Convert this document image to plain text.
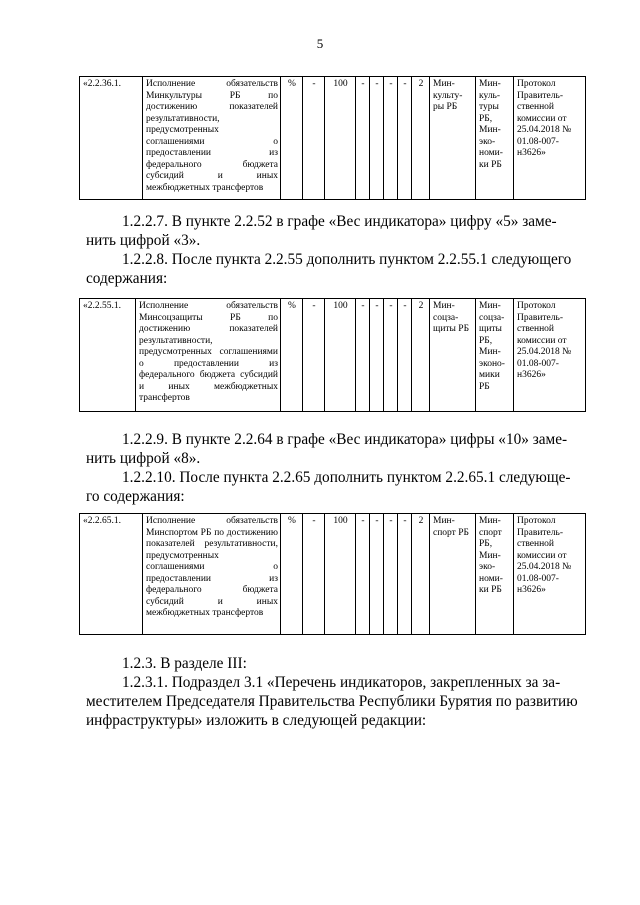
5
«2.2.36.1.	Исполнение обязательств Минкультуры РБ по достижению показателей результативности, предусмотренных соглашениями о предоставлении из федерального бюджета субсидий и иных межбюджетных трансфертов	%	-	100	-	-	-	-	2	Мин-культу-ры РБ	Мин-куль-туры РБ, Мин-эко-номи-ки РБ	Протокол Правитель-ственной комиссии от 25.04.2018 № 01.08-007-н3626»
1.2.2.7. В пункте 2.2.52 в графе «Вес индикатора» цифру «5» заме-
нить цифрой «3».
1.2.2.8. После пункта 2.2.55 дополнить пунктом 2.2.55.1 следующего
содержания:
«2.2.55.1.	Исполнение обязательств Минсоцзащиты РБ по достижению показателей результативности, предусмотренных соглашениями о предоставлении из федерального бюджета субсидий и иных межбюджетных трансфертов	%	-	100	-	-	-	-	2	Мин-соцза-щиты РБ	Мин-соцза-щиты РБ, Мин-эконо-мики РБ	Протокол Правитель-ственной комиссии от 25.04.2018 № 01.08-007-н3626»
1.2.2.9. В пункте 2.2.64 в графе «Вес индикатора» цифры «10» заме-
нить цифрой «8».
1.2.2.10. После пункта 2.2.65 дополнить пунктом 2.2.65.1 следующе-
го содержания:
«2.2.65.1.	Исполнение обязательств Минспортом РБ по достижению показателей результативности, предусмотренных соглашениями о предоставлении из федерального бюджета субсидий и иных межбюджетных трансфертов	%	-	100	-	-	-	-	2	Мин-спорт РБ	Мин-спорт РБ, Мин-эко-номи-ки РБ	Протокол Правитель-ственной комиссии от 25.04.2018 № 01.08-007-н3626»
1.2.3. В разделе III:
1.2.3.1. Подраздел 3.1 «Перечень индикаторов, закрепленных за за-
местителем Председателя Правительства Республики Бурятия по развитию
инфраструктуры» изложить в следующей редакции:
